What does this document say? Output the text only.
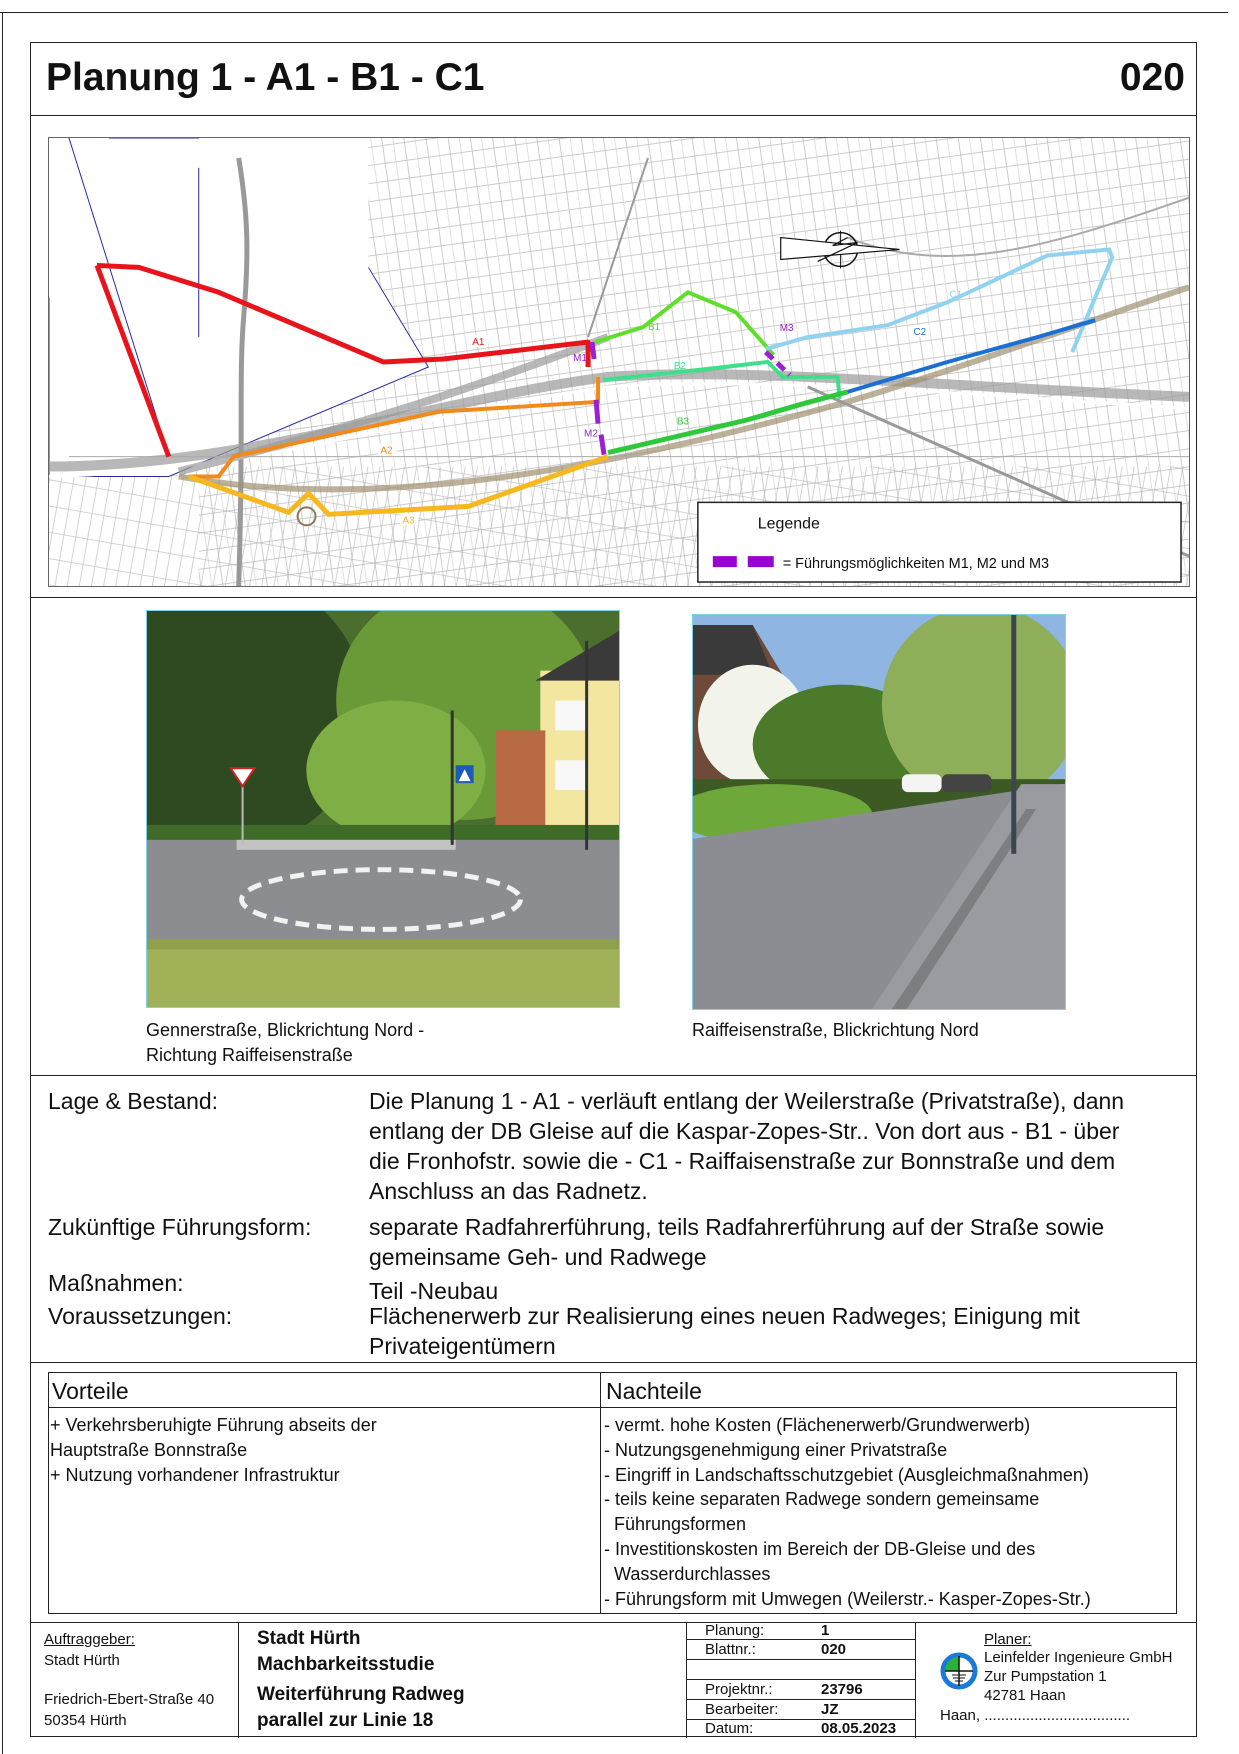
Planung 1 - A1 - B1 - C1	020
A1
A2
A3
M1
M2
M3
B1
B2
B3
C1
C2
Legende
= Führungsmöglichkeiten M1, M2 und M3
Gennerstraße, Blickrichtung Nord -
Richtung Raiffeisenstraße
Raiffeisenstraße, Blickrichtung Nord
Lage & Bestand:	Die Planung 1 - A1 - verläuft entlang der Weilerstraße (Privatstraße), dann
entlang der DB Gleise auf die Kaspar-Zopes-Str.. Von dort aus - B1 - über
die Fronhofstr. sowie die - C1 - Raiffaisenstraße zur Bonnstraße und dem
Anschluss an das Radnetz.
Zukünftige Führungsform:	separate Radfahrerführung, teils Radfahrerführung auf der Straße sowie
gemeinsame Geh- und Radwege
Maßnahmen:	Teil -Neubau
Voraussetzungen:	Flächenerwerb zur Realisierung eines neuen Radweges; Einigung mit
Privateigentümern
Vorteile	Nachteile
+ Verkehrsberuhigte Führung abseits der
Hauptstraße Bonnstraße
+ Nutzung vorhandener Infrastruktur
- vermt. hohe Kosten (Flächenerwerb/Grundwerwerb)
- Nutzungsgenehmigung einer Privatstraße
- Eingriff in Landschaftsschutzgebiet (Ausgleichmaßnahmen)
- teils keine separaten Radwege sondern gemeinsame
Führungsformen
- Investitionskosten im Bereich der DB-Gleise und des
Wasserdurchlasses
- Führungsform mit Umwegen (Weilerstr.- Kasper-Zopes-Str.)
Auftraggeber:
Stadt Hürth
Friedrich-Ebert-Straße 40
50354 Hürth
Stadt Hürth
Machbarkeitsstudie
Weiterführung Radweg
parallel zur Linie 18
Planung:	1
Blattnr.:	020
Projektnr.:	23796
Bearbeiter:	JZ
Datum:	08.05.2023
Planer:
Leinfelder Ingenieure GmbH
Zur Pumpstation 1
42781 Haan
Haan, ...................................
